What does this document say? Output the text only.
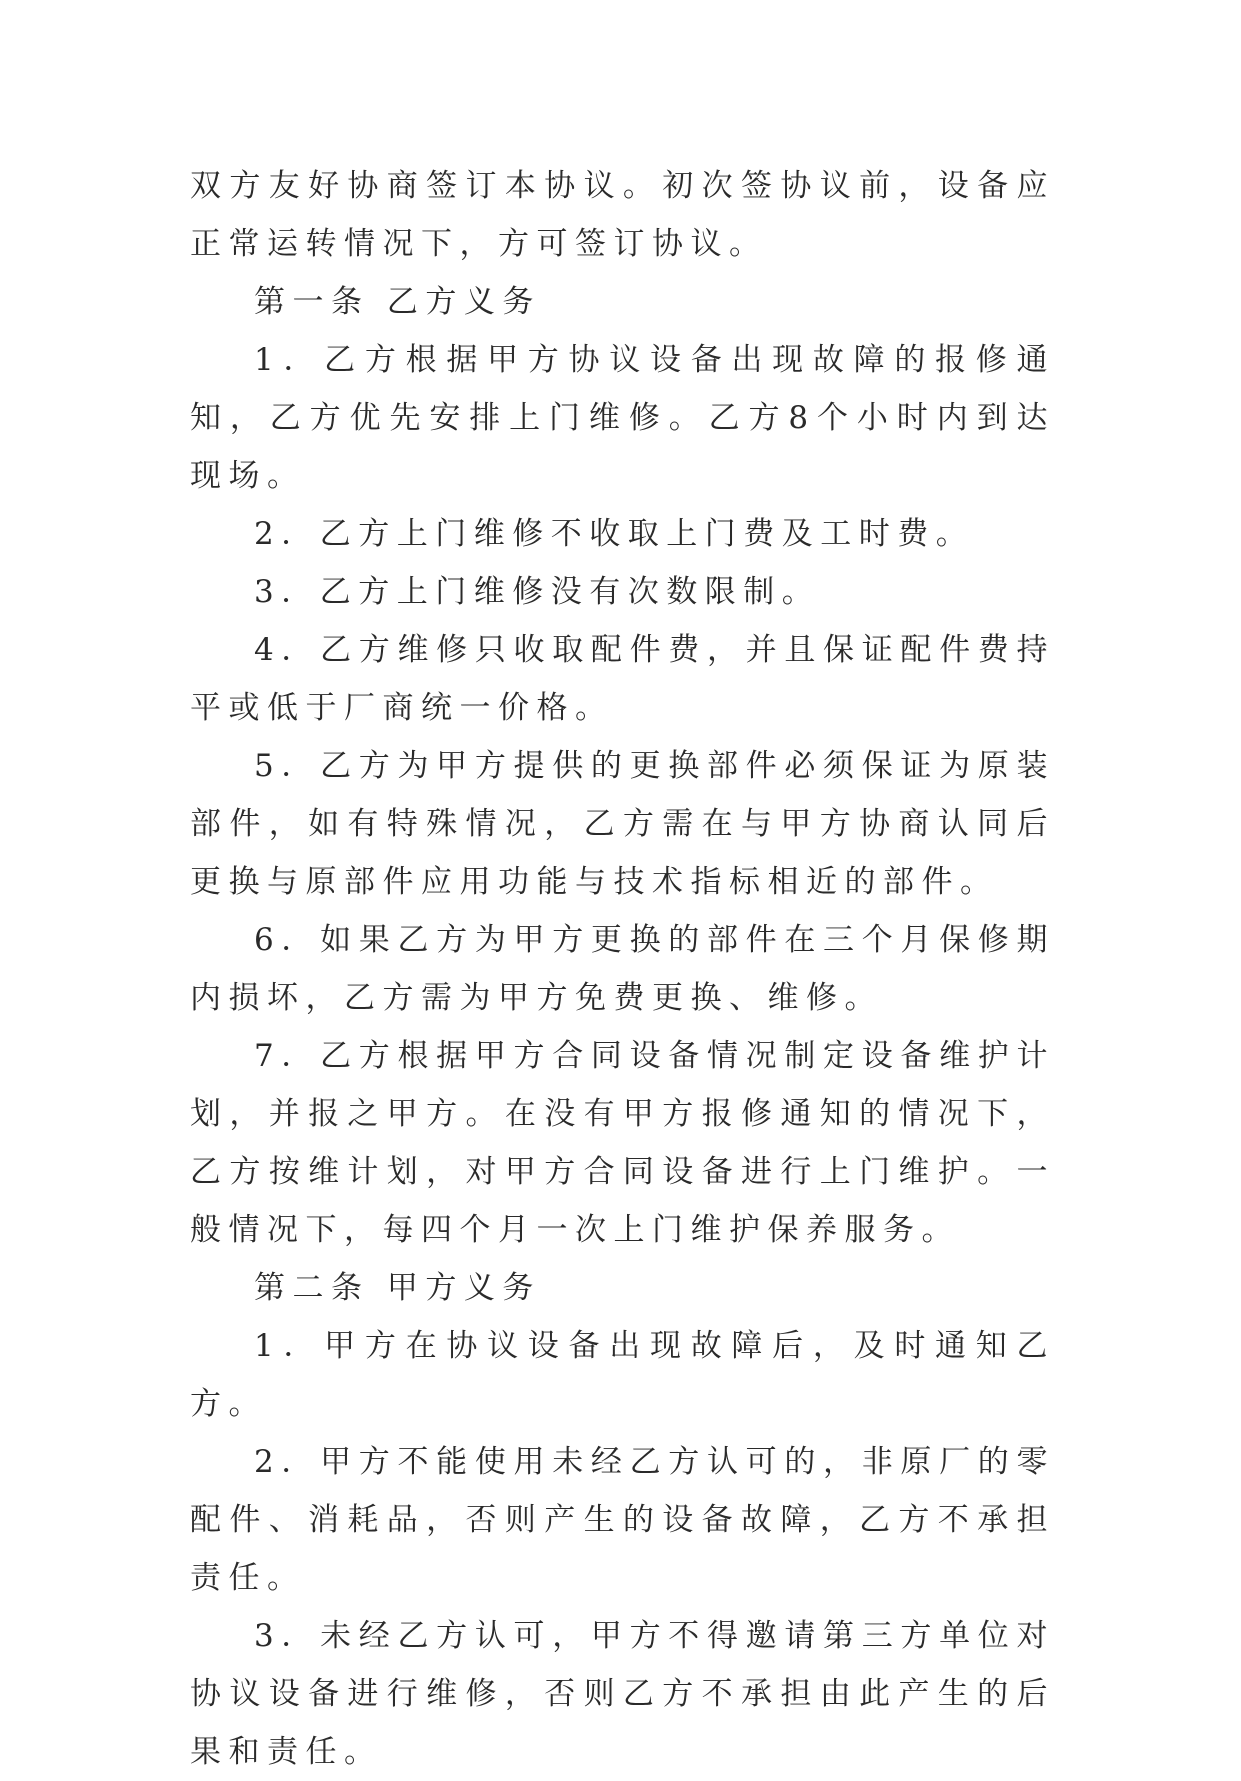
双方友好协商签订本协议。初次签协议前，设备应正常运转情况下，方可签订协议。

第一条 乙方义务

1．乙方根据甲方协议设备出现故障的报修通知，乙方优先安排上门维修。乙方8个小时内到达现场。

2．乙方上门维修不收取上门费及工时费。

3．乙方上门维修没有次数限制。

4．乙方维修只收取配件费，并且保证配件费持平或低于厂商统一价格。

5．乙方为甲方提供的更换部件必须保证为原装部件，如有特殊情况，乙方需在与甲方协商认同后更换与原部件应用功能与技术指标相近的部件。

6．如果乙方为甲方更换的部件在三个月保修期内损坏，乙方需为甲方免费更换、维修。

7．乙方根据甲方合同设备情况制定设备维护计划，并报之甲方。在没有甲方报修通知的情况下，乙方按维计划，对甲方合同设备进行上门维护。一般情况下，每四个月一次上门维护保养服务。

第二条 甲方义务

1．甲方在协议设备出现故障后，及时通知乙方。

2．甲方不能使用未经乙方认可的，非原厂的零配件、消耗品，否则产生的设备故障，乙方不承担责任。

3．未经乙方认可，甲方不得邀请第三方单位对协议设备进行维修，否则乙方不承担由此产生的后果和责任。
